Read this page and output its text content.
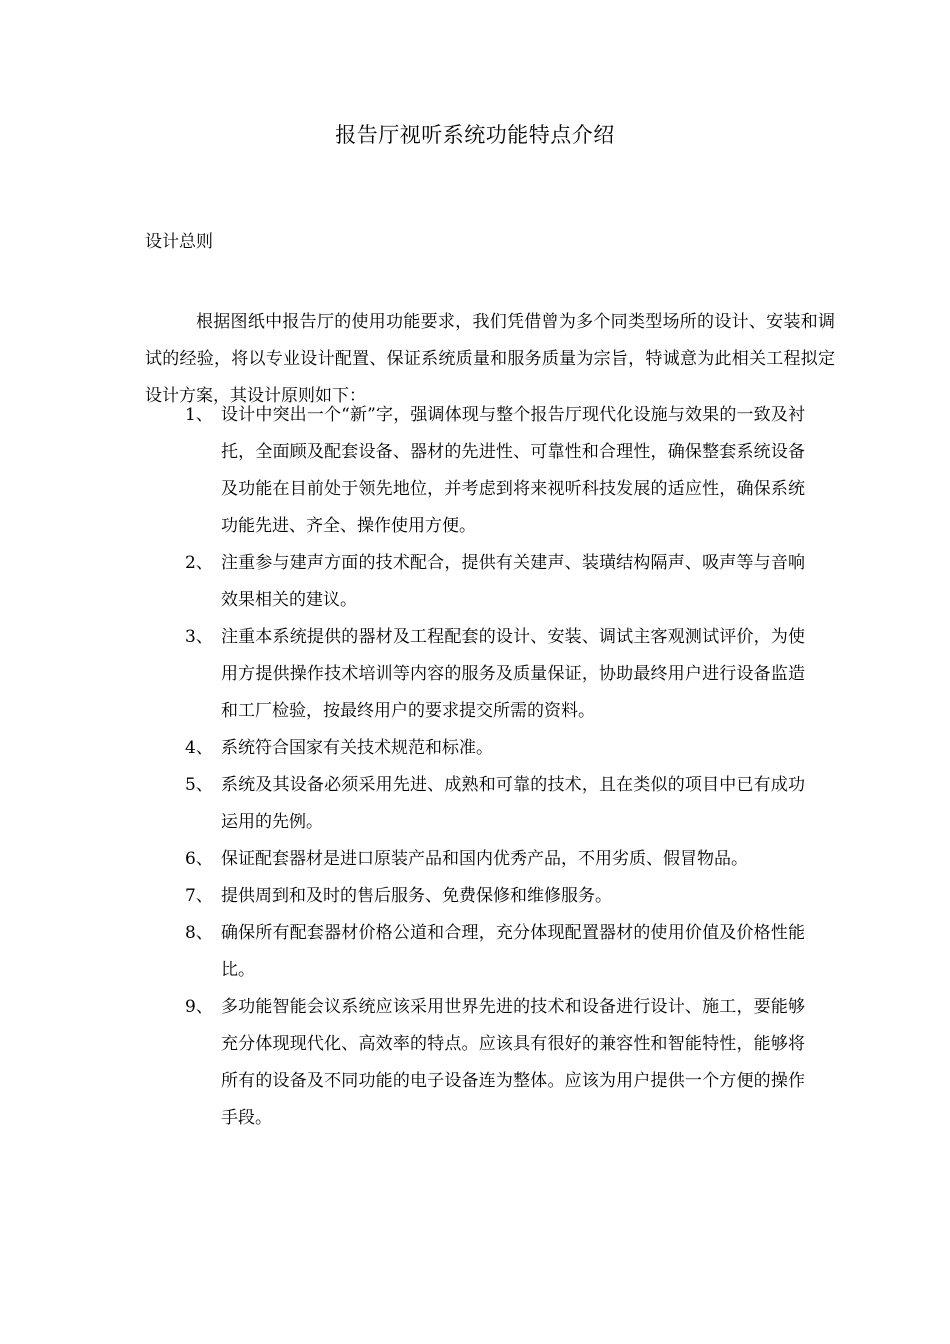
报告厅视听系统功能特点介绍
设计总则

根据图纸中报告厅的使用功能要求，我们凭借曾为多个同类型场所的设计、安装和调试的经验，将以专业设计配置、保证系统质量和服务质量为宗旨，特诚意为此相关工程拟定设计方案，其设计原则如下：

1、 设计中突出一个“新”字，强调体现与整个报告厅现代化设施与效果的一致及衬托，全面顾及配套设备、器材的先进性、可靠性和合理性，确保整套系统设备及功能在目前处于领先地位，并考虑到将来视听科技发展的适应性，确保系统功能先进、齐全、操作使用方便。
2、 注重参与建声方面的技术配合，提供有关建声、装璜结构隔声、吸声等与音响效果相关的建议。
3、 注重本系统提供的器材及工程配套的设计、安装、调试主客观测试评价，为使用方提供操作技术培训等内容的服务及质量保证，协助最终用户进行设备监造和工厂检验，按最终用户的要求提交所需的资料。
4、 系统符合国家有关技术规范和标准。
5、 系统及其设备必须采用先进、成熟和可靠的技术，且在类似的项目中已有成功运用的先例。
6、 保证配套器材是进口原装产品和国内优秀产品，不用劣质、假冒物品。
7、 提供周到和及时的售后服务、免费保修和维修服务。
8、 确保所有配套器材价格公道和合理，充分体现配置器材的使用价值及价格性能比。
9、 多功能智能会议系统应该采用世界先进的技术和设备进行设计、施工，要能够充分体现现代化、高效率的特点。应该具有很好的兼容性和智能特性，能够将所有的设备及不同功能的电子设备连为整体。应该为用户提供一个方便的操作手段。
